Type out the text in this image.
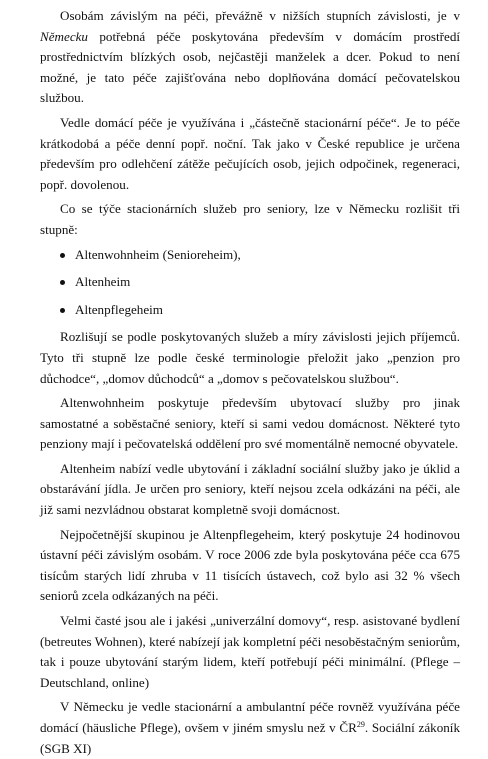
Osobám závislým na péči, převážně v nižších stupních závislosti, je v Německu potřebná péče poskytována především v domácím prostředí prostřednictvím blízkých osob, nejčastěji manželek a dcer. Pokud to není možné, je tato péče zajišťována nebo doplňována domácí pečovatelskou službou.

Vedle domácí péče je využívána i „částečně stacionární péče“. Je to péče krátkodobá a péče denní popř. noční. Tak jako v České republice je určena především pro odlehčení zátěže pečujících osob, jejich odpočinek, regeneraci, popř. dovolenou.

Co se týče stacionárních služeb pro seniory, lze v Německu rozlišit tři stupně:

Altenwohnheim (Senioreheim),
Altenheim
Altenpflegeheim

Rozlišují se podle poskytovaných služeb a míry závislosti jejich příjemců. Tyto tři stupně lze podle české terminologie přeložit jako „penzion pro důchodce“, „domov důchodců“ a „domov s pečovatelskou službou“.

Altenwohnheim poskytuje především ubytovací služby pro jinak samostatné a soběstačné seniory, kteří si sami vedou domácnost. Některé tyto penziony mají i pečovatelská oddělení pro své momentálně nemocné obyvatele.

Altenheim nabízí vedle ubytování i základní sociální služby jako je úklid a obstarávání jídla. Je určen pro seniory, kteří nejsou zcela odkázáni na péči, ale již sami nezvládnou obstarat kompletně svoji domácnost.

Nejpočetnější skupinou je Altenpflegeheim, který poskytuje 24 hodinovou ústavní péči závislým osobám. V roce 2006 zde byla poskytována péče cca 675 tisícům starých lidí zhruba v 11 tisících ústavech, což bylo asi 32 % všech seniorů zcela odkázaných na péči.

Velmi časté jsou ale i jakési „univerzální domovy“, resp. asistované bydlení (betreutes Wohnen), které nabízejí jak kompletní péči nesoběstačným seniorům, tak i pouze ubytování starým lidem, kteří potřebují péči minimální. (Pflege – Deutschland, online)

V Německu je vedle stacionární a ambulantní péče rovněž využívána péče domácí (häusliche Pflege), ovšem v jiném smyslu než v ČR$^{29}$. Sociální zákoník (SGB XI)
